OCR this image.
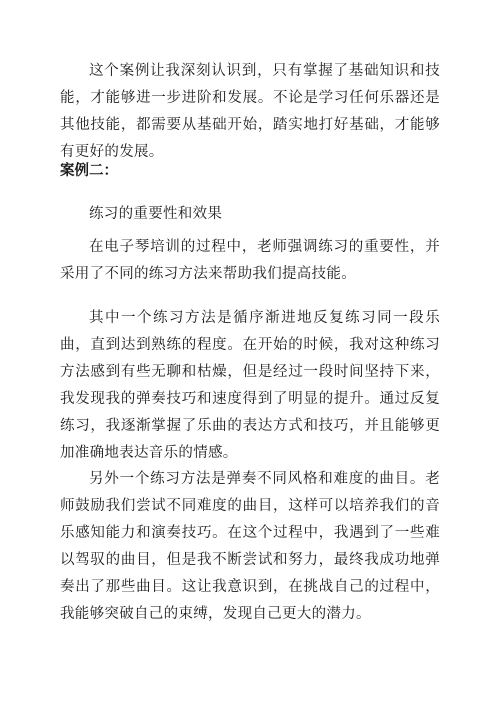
这个案例让我深刻认识到，只有掌握了基础知识和技能，才能够进一步进阶和发展。不论是学习任何乐器还是其他技能，都需要从基础开始，踏实地打好基础，才能够有更好的发展。

案例二：

练习的重要性和效果

在电子琴培训的过程中，老师强调练习的重要性，并采用了不同的练习方法来帮助我们提高技能。

其中一个练习方法是循序渐进地反复练习同一段乐曲，直到达到熟练的程度。在开始的时候，我对这种练习方法感到有些无聊和枯燥，但是经过一段时间坚持下来，我发现我的弹奏技巧和速度得到了明显的提升。通过反复练习，我逐渐掌握了乐曲的表达方式和技巧，并且能够更加准确地表达音乐的情感。

另外一个练习方法是弹奏不同风格和难度的曲目。老师鼓励我们尝试不同难度的曲目，这样可以培养我们的音乐感知能力和演奏技巧。在这个过程中，我遇到了一些难以驾驭的曲目，但是我不断尝试和努力，最终我成功地弹奏出了那些曲目。这让我意识到，在挑战自己的过程中，我能够突破自己的束缚，发现自己更大的潜力。
